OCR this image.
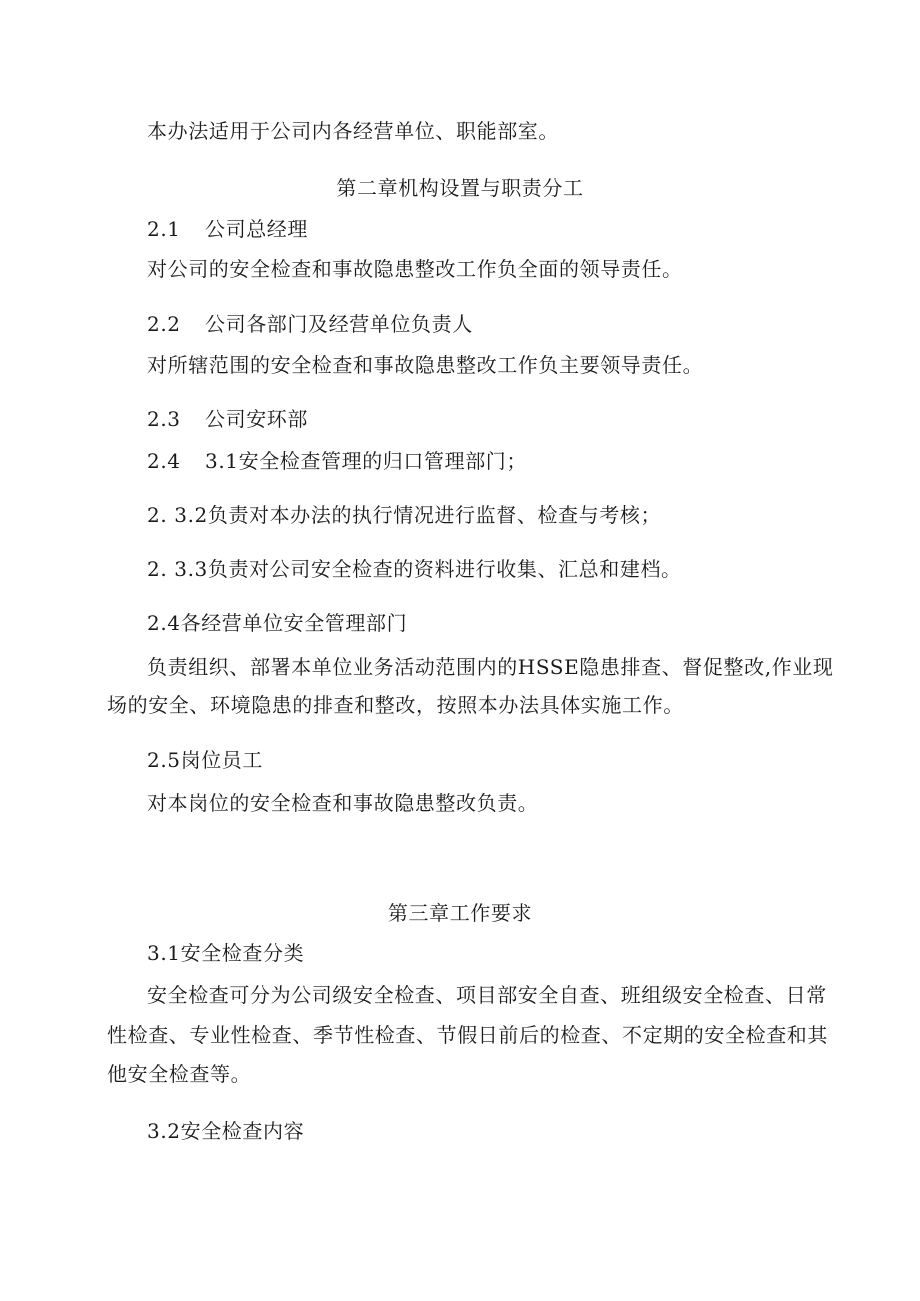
本办法适用于公司内各经营单位、职能部室。
第二章机构设置与职责分工
2.1 公司总经理
对公司的安全检查和事故隐患整改工作负全面的领导责任。
2.2 公司各部门及经营单位负责人
对所辖范围的安全检查和事故隐患整改工作负主要领导责任。
2.3 公司安环部
2.4 3.1安全检查管理的归口管理部门；
2. 3.2负责对本办法的执行情况进行监督、检查与考核；
2. 3.3负责对公司安全检查的资料进行收集、汇总和建档。
2.4各经营单位安全管理部门
负责组织、部署本单位业务活动范围内的HSSE隐患排查、督促整改,作业现
场的安全、环境隐患的排查和整改，按照本办法具体实施工作。
2.5岗位员工
对本岗位的安全检查和事故隐患整改负责。
第三章工作要求
3.1安全检查分类
安全检查可分为公司级安全检查、项目部安全自查、班组级安全检查、日常
性检查、专业性检查、季节性检查、节假日前后的检查、不定期的安全检查和其
他安全检查等。
3.2安全检查内容
